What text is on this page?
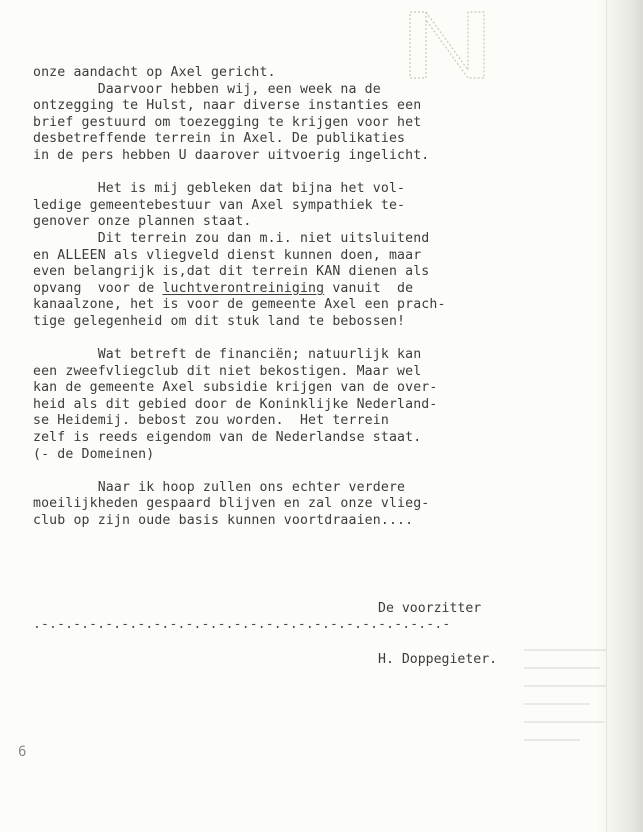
onze aandacht op Axel gericht.
Daarvoor hebben wij, een week na de
ontzegging te Hulst, naar diverse instanties een
brief gestuurd om toezegging te krijgen voor het
desbetreffende terrein in Axel. De publikaties
in de pers hebben U daarover uitvoerig ingelicht.
Het is mij gebleken dat bijna het vol-
ledige gemeentebestuur van Axel sympathiek te-
genover onze plannen staat.
Dit terrein zou dan m.i. niet uitsluitend
en ALLEEN als vliegveld dienst kunnen doen, maar
even belangrijk is,dat dit terrein KAN dienen als
opvang  voor de luchtverontreiniging vanuit  de
kanaalzone, het is voor de gemeente Axel een prach-
tige gelegenheid om dit stuk land te bebossen!
Wat betreft de financiën; natuurlijk kan
een zweefvliegclub dit niet bekostigen. Maar wel
kan de gemeente Axel subsidie krijgen van de over-
heid als dit gebied door de Koninklijke Nederland-
se Heidemij. bebost zou worden.  Het terrein
zelf is reeds eigendom van de Nederlandse staat.
(- de Domeinen)
Naar ik hoop zullen ons echter verdere
moeilijkheden gespaard blijven en zal onze vlieg-
club op zijn oude basis kunnen voortdraaien....

De voorzitter

H. Doppegieter.

.-.-.-.-.-.-.-.-.-.-.-.-.-.-.-.-.-.-.-.-.-.-.-.-.-.-
6
